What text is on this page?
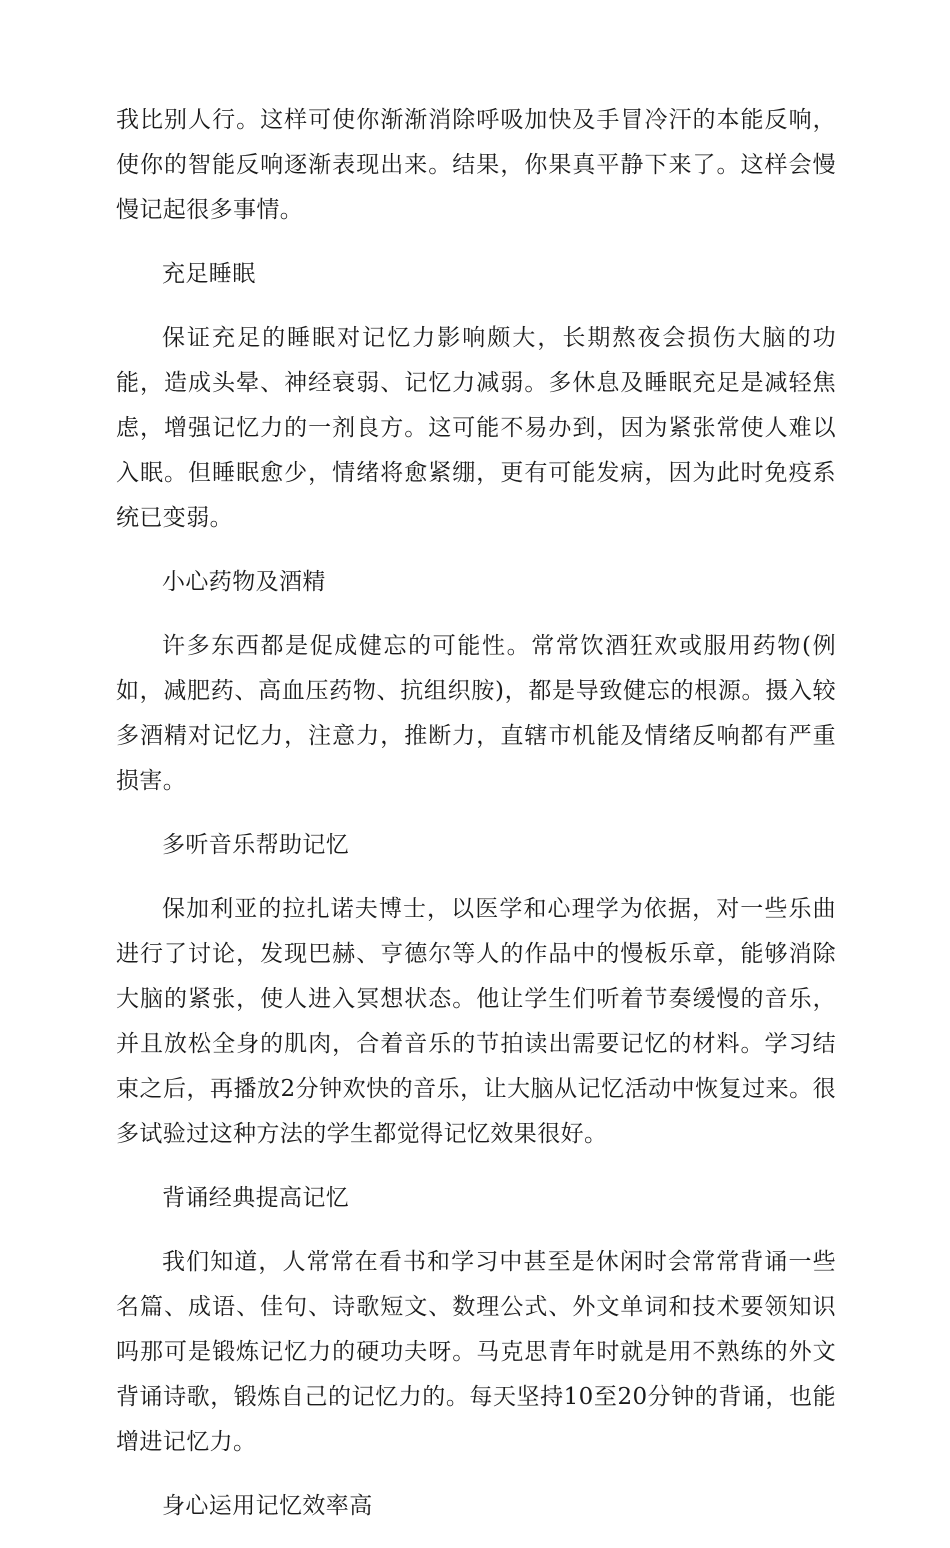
我比别人行。这样可使你渐渐消除呼吸加快及手冒冷汗的本能反响，使你的智能反响逐渐表现出来。结果，你果真平静下来了。这样会慢慢记起很多事情。

充足睡眠

保证充足的睡眠对记忆力影响颇大，长期熬夜会损伤大脑的功能，造成头晕、神经衰弱、记忆力减弱。多休息及睡眠充足是减轻焦虑，增强记忆力的一剂良方。这可能不易办到，因为紧张常使人难以入眠。但睡眠愈少，情绪将愈紧绷，更有可能发病，因为此时免疫系统已变弱。

小心药物及酒精

许多东西都是促成健忘的可能性。常常饮酒狂欢或服用药物(例如，减肥药、高血压药物、抗组织胺)，都是导致健忘的根源。摄入较多酒精对记忆力，注意力，推断力，直辖市机能及情绪反响都有严重损害。

多听音乐帮助记忆

保加利亚的拉扎诺夫博士，以医学和心理学为依据，对一些乐曲进行了讨论，发现巴赫、亨德尔等人的作品中的慢板乐章，能够消除大脑的紧张，使人进入冥想状态。他让学生们听着节奏缓慢的音乐，并且放松全身的肌肉，合着音乐的节拍读出需要记忆的材料。学习结束之后，再播放2分钟欢快的音乐，让大脑从记忆活动中恢复过来。很多试验过这种方法的学生都觉得记忆效果很好。

背诵经典提高记忆

我们知道，人常常在看书和学习中甚至是休闲时会常常背诵一些名篇、成语、佳句、诗歌短文、数理公式、外文单词和技术要领知识吗那可是锻炼记忆力的硬功夫呀。马克思青年时就是用不熟练的外文背诵诗歌，锻炼自己的记忆力的。每天坚持10至20分钟的背诵，也能增进记忆力。

身心运用记忆效率高
